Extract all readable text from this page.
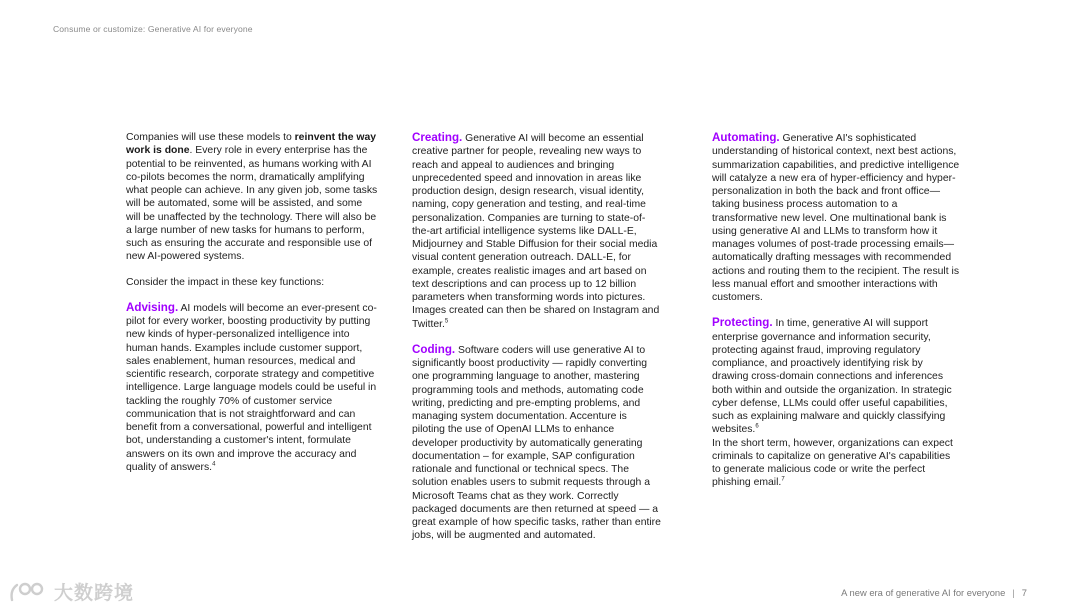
Consume or customize: Generative AI for everyone

Companies will use these models to reinvent the way work is done. Every role in every enterprise has the potential to be reinvented, as humans working with AI co-pilots becomes the norm, dramatically amplifying what people can achieve. In any given job, some tasks will be automated, some will be assisted, and some will be unaffected by the technology. There will also be a large number of new tasks for humans to perform, such as ensuring the accurate and responsible use of new AI-powered systems.

Consider the impact in these key functions:

Advising. AI models will become an ever-present co-pilot for every worker, boosting productivity by putting new kinds of hyper-personalized intelligence into human hands. Examples include customer support, sales enablement, human resources, medical and scientific research, corporate strategy and competitive intelligence. Large language models could be useful in tackling the roughly 70% of customer service communication that is not straightforward and can benefit from a conversational, powerful and intelligent bot, understanding a customer's intent, formulate answers on its own and improve the accuracy and quality of answers.$^4$

Creating. Generative AI will become an essential creative partner for people, revealing new ways to reach and appeal to audiences and bringing unprecedented speed and innovation in areas like production design, design research, visual identity, naming, copy generation and testing, and real-time personalization. Companies are turning to state-of-the-art artificial intelligence systems like DALL-E, Midjourney and Stable Diffusion for their social media visual content generation outreach. DALL-E, for example, creates realistic images and art based on text descriptions and can process up to 12 billion parameters when transforming words into pictures. Images created can then be shared on Instagram and Twitter.$^5$

Coding. Software coders will use generative AI to significantly boost productivity — rapidly converting one programming language to another, mastering programming tools and methods, automating code writing, predicting and pre-empting problems, and managing system documentation. Accenture is piloting the use of OpenAI LLMs to enhance developer productivity by automatically generating documentation – for example, SAP configuration rationale and functional or technical specs. The solution enables users to submit requests through a Microsoft Teams chat as they work. Correctly packaged documents are then returned at speed — a great example of how specific tasks, rather than entire jobs, will be augmented and automated.

Automating. Generative AI's sophisticated understanding of historical context, next best actions, summarization capabilities, and predictive intelligence will catalyze a new era of hyper-efficiency and hyper-personalization in both the back and front office—taking business process automation to a transformative new level. One multinational bank is using generative AI and LLMs to transform how it manages volumes of post-trade processing emails—automatically drafting messages with recommended actions and routing them to the recipient. The result is less manual effort and smoother interactions with customers.

Protecting. In time, generative AI will support enterprise governance and information security, protecting against fraud, improving regulatory compliance, and proactively identifying risk by drawing cross-domain connections and inferences both within and outside the organization. In strategic cyber defense, LLMs could offer useful capabilities, such as explaining malware and quickly classifying websites.$^6$
In the short term, however, organizations can expect criminals to capitalize on generative AI's capabilities to generate malicious code or write the perfect phishing email.$^7$

A new era of generative AI for everyone | 7
大数跨境
